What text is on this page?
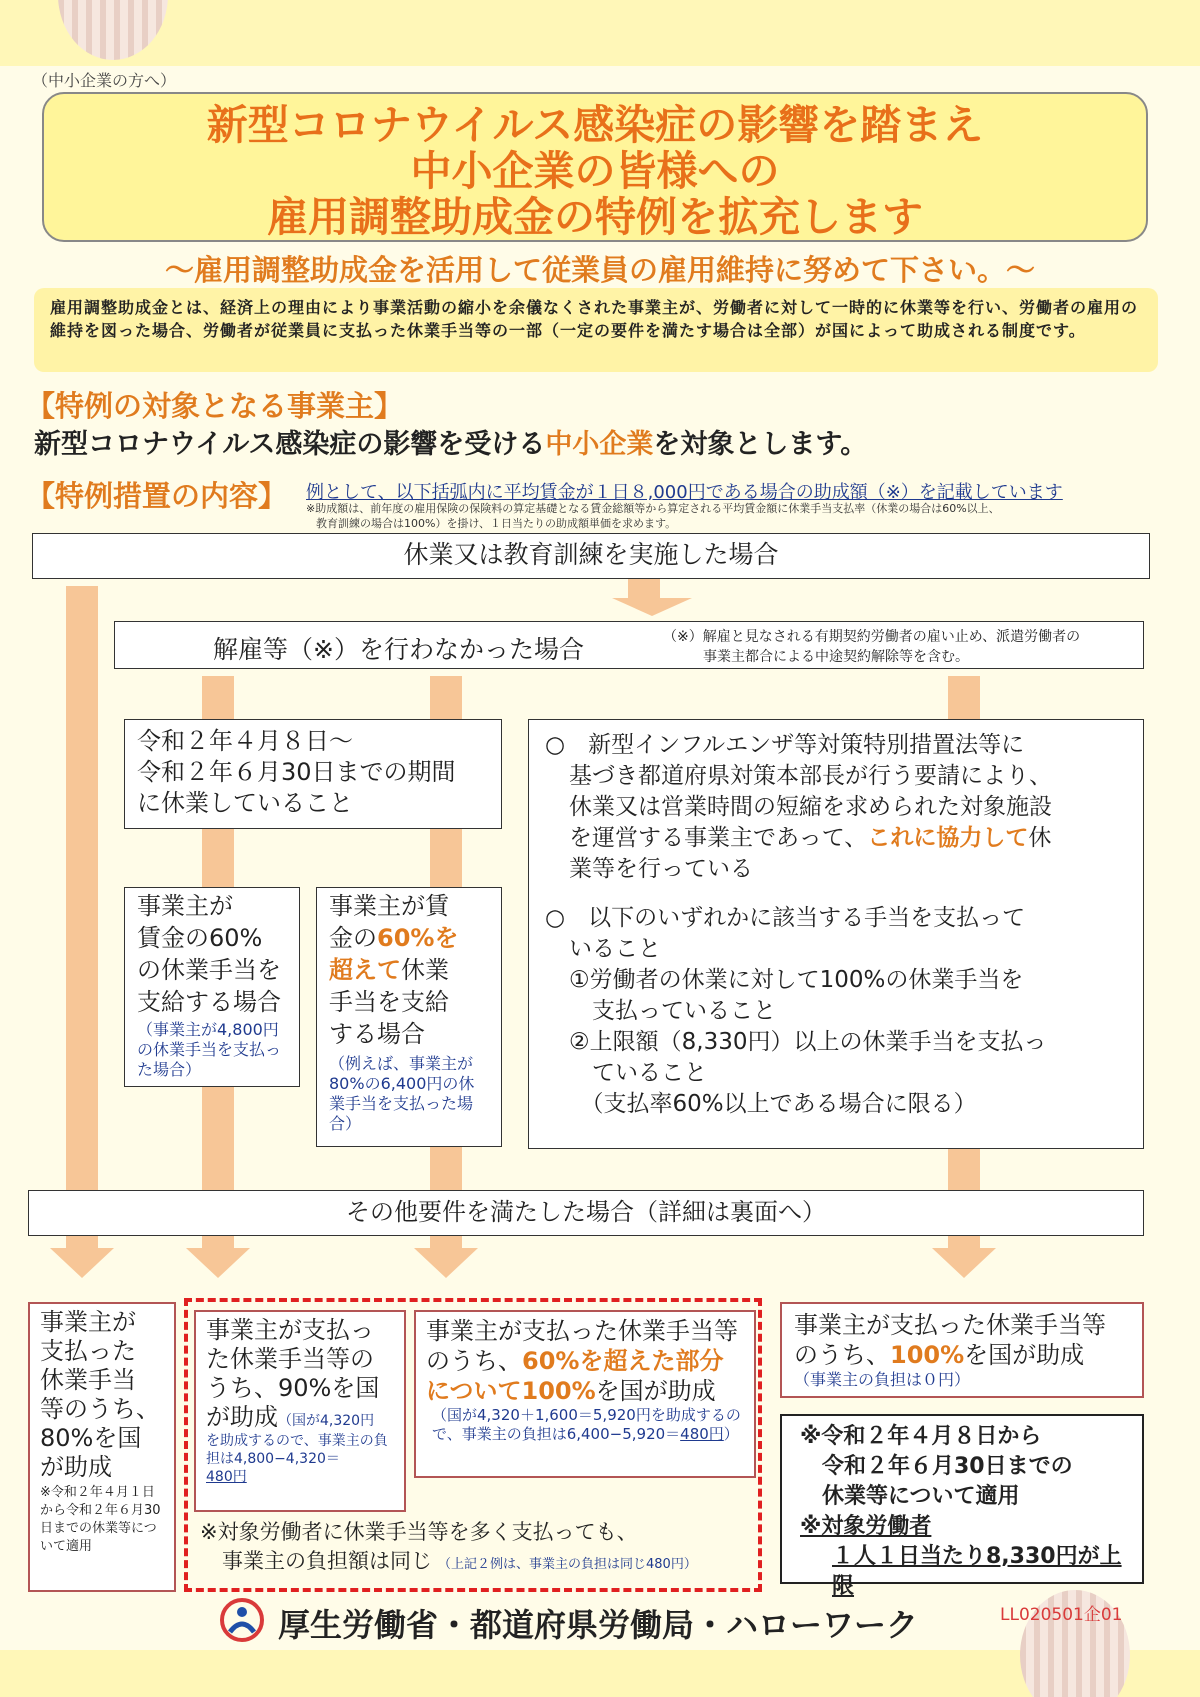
（中小企業の方へ）
新型コロナウイルス感染症の影響を踏まえ
中小企業の皆様への
雇用調整助成金の特例を拡充します
～雇用調整助成金を活用して従業員の雇用維持に努めて下さい。～
雇用調整助成金とは、経済上の理由により事業活動の縮小を余儀なくされた事業主が、労働者に対して一時的に休業等を行い、労働者の雇用の維持を図った場合、労働者が従業員に支払った休業手当等の一部（一定の要件を満たす場合は全部）が国によって助成される制度です。
【特例の対象となる事業主】
新型コロナウイルス感染症の影響を受ける中小企業を対象とします。
【特例措置の内容】 例として、以下括弧内に平均賃金が１日８,000円である場合の助成額（※）を記載しています
※助成額は、前年度の雇用保険の保険料の算定基礎となる賃金総額等から算定される平均賃金額に休業手当支払率（休業の場合は60%以上、
教育訓練の場合は100%）を掛け、１日当たりの助成額単価を求めます。
休業又は教育訓練を実施した場合
解雇等（※）を行わなかった場合	（※）解雇と見なされる有期契約労働者の雇い止め、派遣労働者の
事業主都合による中途契約解除等を含む。
令和２年４月８日～
令和２年６月30日までの期間
に休業していること
事業主が
賃金の60%
の休業手当を
支給する場合
（事業主が4,800円の休業手当を支払った場合）
事業主が賃
金の60%を
超えて休業
手当を支給
する場合
（例えば、事業主が80%の6,400円の休業手当を支払った場合）
○　新型インフルエンザ等対策特別措置法等に
基づき都道府県対策本部長が行う要請により、
休業又は営業時間の短縮を求められた対象施設
を運営する事業主であって、これに協力して休
業等を行っている
○　以下のいずれかに該当する手当を支払って
いること
①労働者の休業に対して100%の休業手当を
　支払っていること
②上限額（8,330円）以上の休業手当を支払っ
　ていること
　（支払率60%以上である場合に限る）
その他要件を満たした場合（詳細は裏面へ）
事業主が
支払った
休業手当
等のうち、
80%を国
が助成
※令和２年４月１日から令和２年６月30日までの休業等について適用
事業主が支払っ
た休業手当等の
うち、90%を国
が助成（国が4,320円
を助成するので、事業主の負担は4,800−4,320＝
480円
事業主が支払った休業手当等
のうち、60%を超えた部分
について100%を国が助成
（国が4,320＋1,600＝5,920円を助成するので、事業主の負担は6,400−5,920＝480円）
※対象労働者に休業手当等を多く支払っても、
事業主の負担額は同じ （上記２例は、事業主の負担は同じ480円）
事業主が支払った休業手当等
のうち、100%を国が助成
（事業主の負担は０円）
※令和２年４月８日から
令和２年６月30日までの
休業等について適用
※対象労働者
１人１日当たり8,330円が上限
厚生労働省・都道府県労働局・ハローワーク	LL020501企01
